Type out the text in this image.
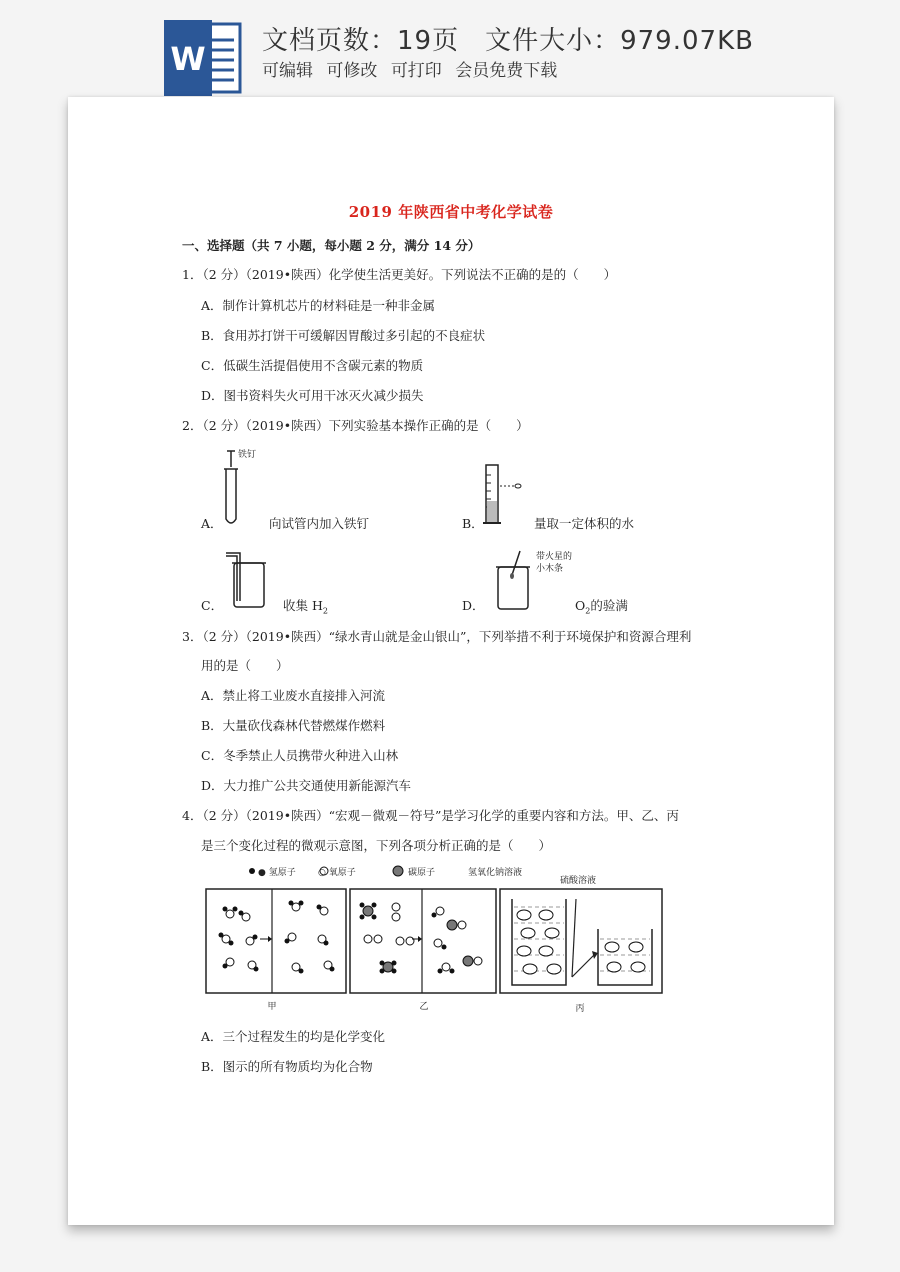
W 文档页数：19页 文件大小：979.07KB
可编辑 可修改 可打印 会员免费下载
2019 年陕西省中考化学试卷
一、选择题（共 7 小题，每小题 2 分，满分 14 分）
1．（2 分）（2019•陕西）化学使生活更美好。下列说法不正确的是的（　　）
A．制作计算机芯片的材料硅是一种非金属
B．食用苏打饼干可缓解因胃酸过多引起的不良症状
C．低碳生活提倡使用不含碳元素的物质
D．图书资料失火可用干冰灭火减少损失
2．（2 分）（2019•陕西）下列实验基本操作正确的是（　　）
铁钉
A．	向试管内加入铁钉	B．	量取一定体积的水
C．	收集 $H_2$
带火星的
小木条
D．	$O_2$的验满
3．（2 分）（2019•陕西）“绿水青山就是金山银山”，下列举措不利于环境保护和资源合理利
用的是（　　）
A．禁止将工业废水直接排入河流
B．大量砍伐森林代替燃煤作燃料
C．冬季禁止人员携带火种进入山林
D．大力推广公共交通使用新能源汽车
4．（2 分）（2019•陕西）“宏观－微观－符号”是学习化学的重要内容和方法。甲、乙、丙
是三个变化过程的微观示意图，下列各项分析正确的是（　　）
● 氢原子 ○ 氧原子	碳原子	氢氧化钠溶液
硫酸溶液
甲	乙	丙
A．三个过程发生的均是化学变化
B．图示的所有物质均为化合物
